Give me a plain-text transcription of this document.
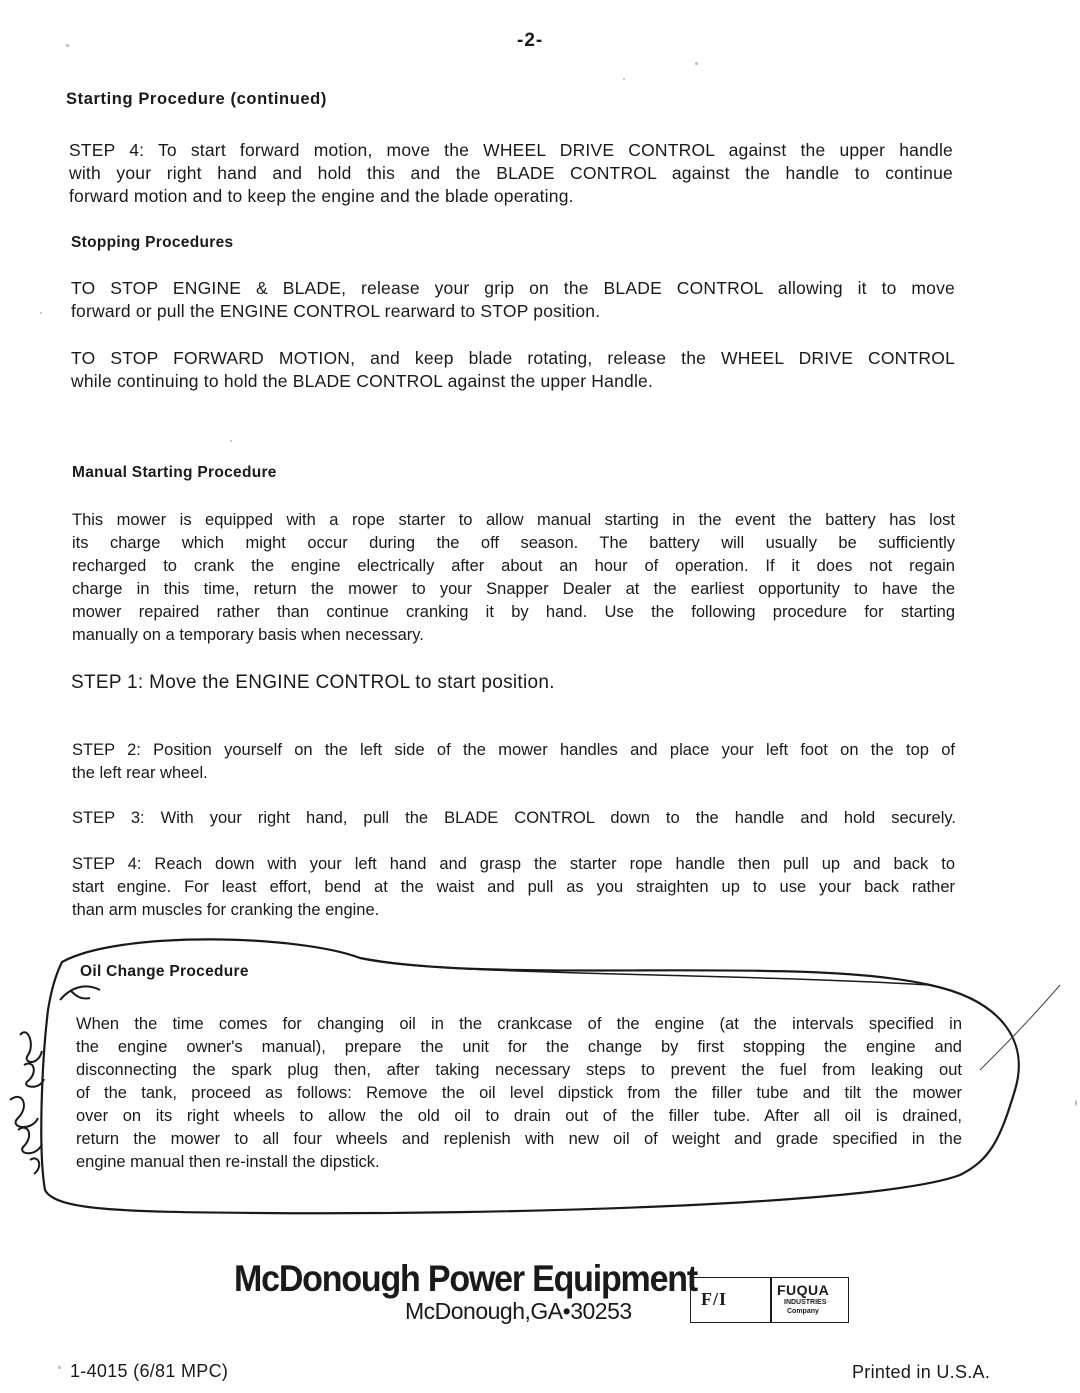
-2-
Starting Procedure (continued)
STEP 4: To start forward motion, move the WHEEL DRIVE CONTROL against the upper handle
with your right hand and hold this and the BLADE CONTROL against the handle to continue
forward motion and to keep the engine and the blade operating.
Stopping Procedures
TO STOP ENGINE & BLADE, release your grip on the BLADE CONTROL allowing it to move
forward or pull the ENGINE CONTROL rearward to STOP position.
TO STOP FORWARD MOTION, and keep blade rotating, release the WHEEL DRIVE CONTROL
while continuing to hold the BLADE CONTROL against the upper Handle.
Manual Starting Procedure
This mower is equipped with a rope starter to allow manual starting in the event the battery has lost
its charge which might occur during the off season. The battery will usually be sufficiently
recharged to crank the engine electrically after about an hour of operation. If it does not regain
charge in this time, return the mower to your Snapper Dealer at the earliest opportunity to have the
mower repaired rather than continue cranking it by hand. Use the following procedure for starting
manually on a temporary basis when necessary.
STEP 1: Move the ENGINE CONTROL to start position.
STEP 2: Position yourself on the left side of the mower handles and place your left foot on the top of
the left rear wheel.
STEP 3: With your right hand, pull the BLADE CONTROL down to the handle and hold securely.
STEP 4: Reach down with your left hand and grasp the starter rope handle then pull up and back to
start engine. For least effort, bend at the waist and pull as you straighten up to use your back rather
than arm muscles for cranking the engine.
Oil Change Procedure
When the time comes for changing oil in the crankcase of the engine (at the intervals specified in
the engine owner's manual), prepare the unit for the change by first stopping the engine and
disconnecting the spark plug then, after taking necessary steps to prevent the fuel from leaking out
of the tank, proceed as follows: Remove the oil level dipstick from the filler tube and tilt the mower
over on its right wheels to allow the old oil to drain out of the filler tube. After all oil is drained,
return the mower to all four wheels and replenish with new oil of weight and grade specified in the
engine manual then re-install the dipstick.
McDonough Power Equipment
McDonough,GA•30253	F/I	FUQUA
INDUSTRIES
Company
1-4015 (6/81 MPC)	Printed in U.S.A.
